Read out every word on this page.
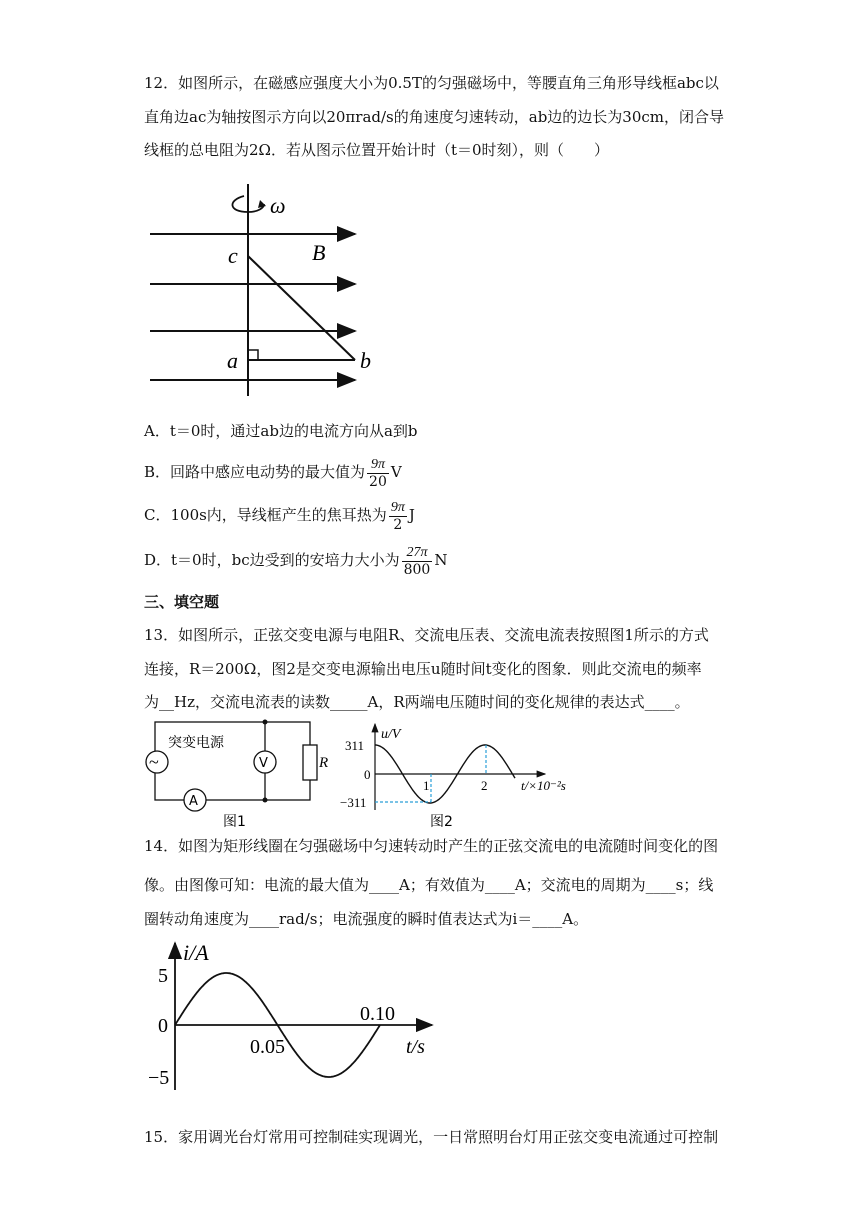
12．如图所示，在磁感应强度大小为0.5T的匀强磁场中，等腰直角三角形导线框abc以
直角边ac为轴按图示方向以20πrad/s的角速度匀速转动，ab边的边长为30cm，闭合导
线框的总电阻为2Ω．若从图示位置开始计时（t＝0时刻），则（　　）
ω
c	B
a	b
A．t＝0时，通过ab边的电流方向从a到b
B．回路中感应电动势的最大值为 $\frac{9\pi}{20}$ V
C．100s内，导线框产生的焦耳热为 $\frac{9\pi}{2}$ J
D．t＝0时，bc边受到的安培力大小为 $\frac{27\pi}{800}$ N
三、填空题
13．如图所示，正弦交变电源与电阻R、交流电压表、交流电流表按照图1所示的方式
连接，R＝200Ω，图2是交变电源输出电压u随时间t变化的图象．则此交流电的频率
为__Hz，交流电流表的读数_____A，R两端电压随时间的变化规律的表达式____。
~	V
A
R
突变电源
图1
u/V
311
0
−311
1	2	t/×10⁻²s
图2
14．如图为矩形线圈在匀强磁场中匀速转动时产生的正弦交流电的电流随时间变化的图
像。由图像可知：电流的最大值为____A；有效值为____A；交流电的周期为____s；线
圈转动角速度为____rad/s；电流强度的瞬时值表达式为i＝____A。
i/A
5
0
−5
0.05
0.10
t/s
15．家用调光台灯常用可控制硅实现调光，一日常照明台灯用正弦交变电流通过可控制
